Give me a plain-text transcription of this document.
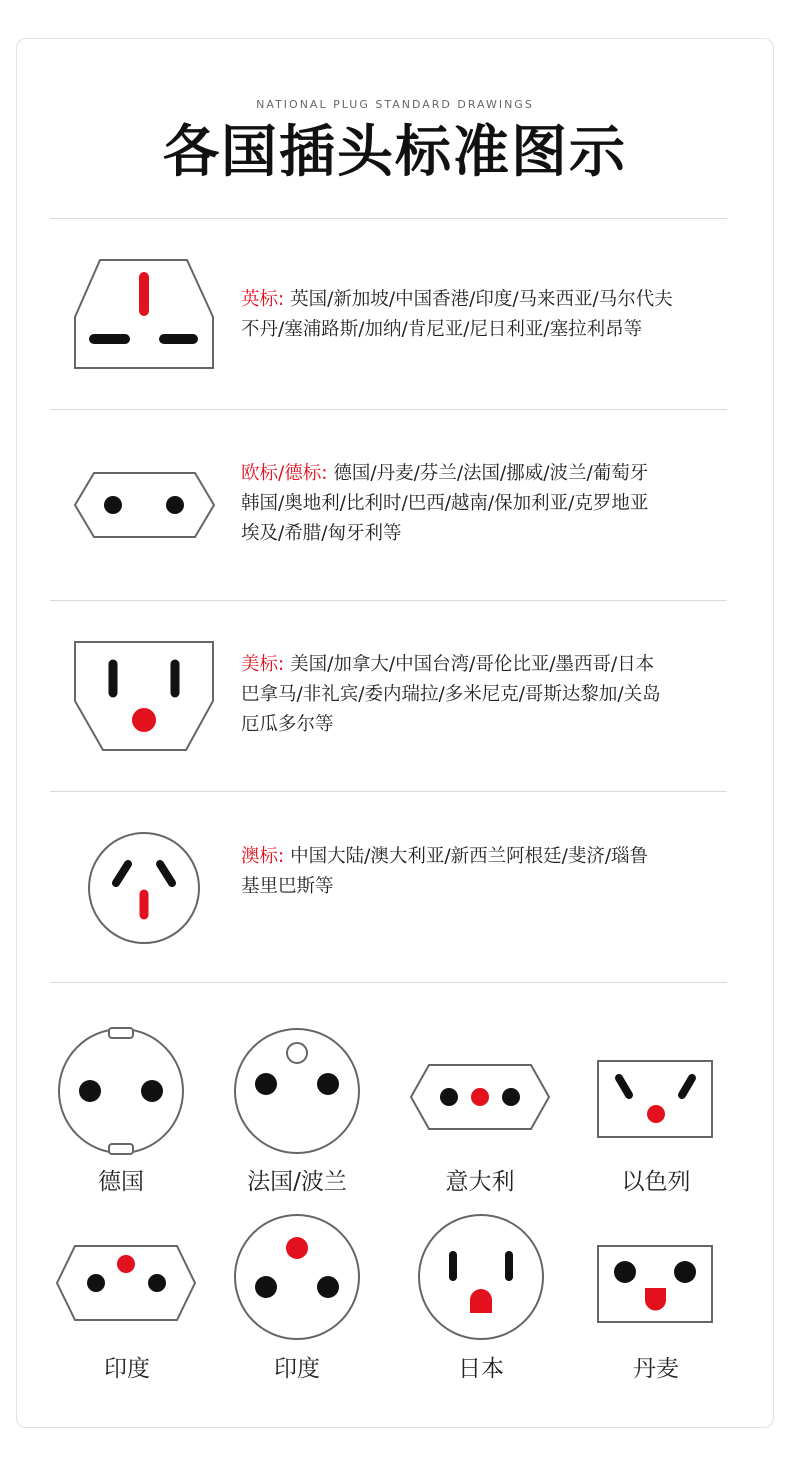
NATIONAL PLUG STANDARD DRAWINGS
各国插头标准图示
英标: 英国/新加坡/中国香港/印度/马来西亚/马尔代夫
不丹/塞浦路斯/加纳/肯尼亚/尼日利亚/塞拉利昂等
欧标/德标: 德国/丹麦/芬兰/法国/挪威/波兰/葡萄牙
韩国/奥地利/比利时/巴西/越南/保加利亚/克罗地亚
埃及/希腊/匈牙利等
美标: 美国/加拿大/中国台湾/哥伦比亚/墨西哥/日本
巴拿马/非礼宾/委内瑞拉/多米尼克/哥斯达黎加/关岛
厄瓜多尔等
澳标: 中国大陆/澳大利亚/新西兰阿根廷/斐济/瑙鲁
基里巴斯等
德国	法国/波兰	意大利	以色列
印度	印度	日本	丹麦
